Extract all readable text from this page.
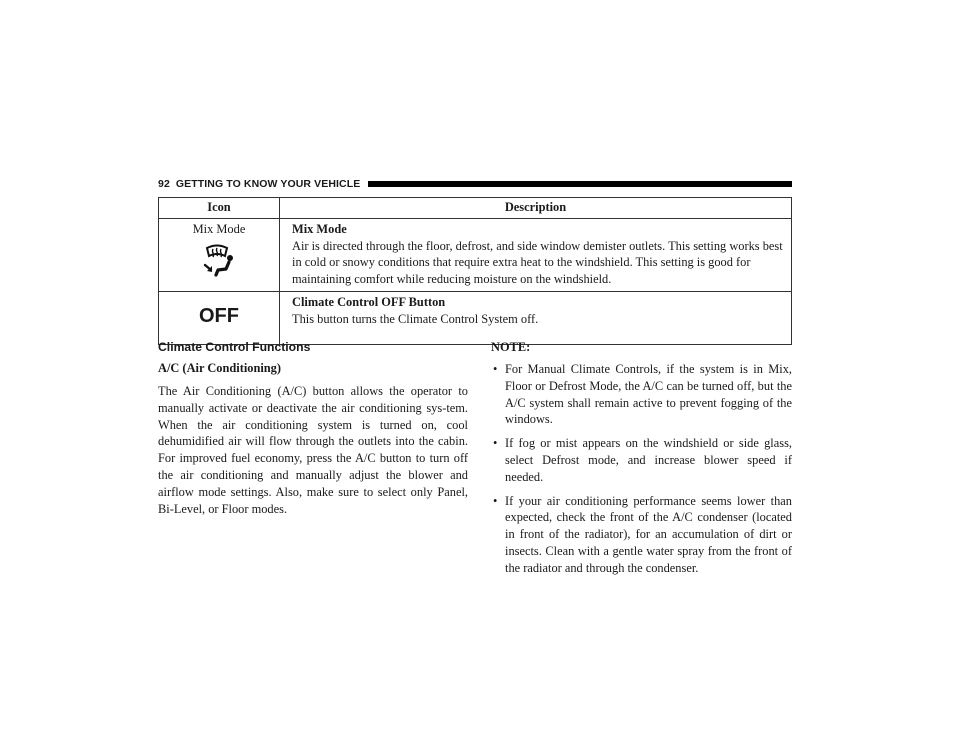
92 GETTING TO KNOW YOUR VEHICLE
Icon	Description

Mix Mode	Mix Mode
Air is directed through the floor, defrost, and side window demister outlets. This setting works best in cold or snowy conditions that require extra heat to the windshield. This setting is good for maintaining comfort while reducing moisture on the windshield.

OFF	Climate Control OFF Button
This button turns the Climate Control System off.
Climate Control Functions
A/C (Air Conditioning)

The Air Conditioning (A/C) button allows the operator to manually activate or deactivate the air conditioning sys-tem. When the air conditioning system is turned on, cool dehumidified air will flow through the outlets into the cabin. For improved fuel economy, press the A/C button to turn off the air conditioning and manually adjust the blower and airflow mode settings. Also, make sure to select only Panel, Bi-Level, or Floor modes.

NOTE:
• For Manual Climate Controls, if the system is in Mix, Floor or Defrost Mode, the A/C can be turned off, but the A/C system shall remain active to prevent fogging of the windows.
• If fog or mist appears on the windshield or side glass, select Defrost mode, and increase blower speed if needed.
• If your air conditioning performance seems lower than expected, check the front of the A/C condenser (located in front of the radiator), for an accumulation of dirt or insects. Clean with a gentle water spray from the front of the radiator and through the condenser.
